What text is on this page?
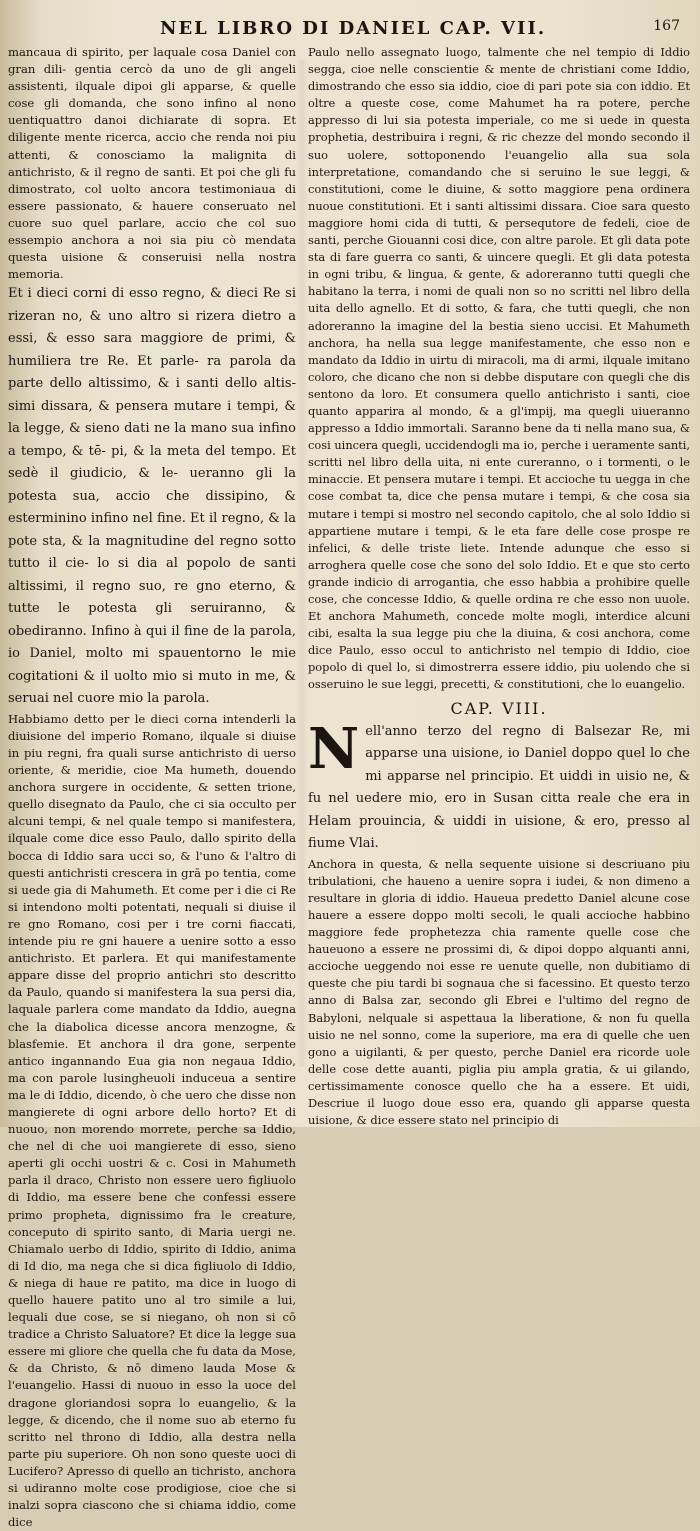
NEL LIBRO DI DANIEL CAP. VII.	167

mancaua di spirito, per laquale cosa Daniel con gran dili- gentia cercò da uno de gli angeli assistenti, ilquale dipoi gli apparse, & quelle cose gli domanda, che sono infino al nono uentiquattro danoi dichiarate di sopra. Et diligente mente ricerca, accio che renda noi piu attenti, & conosciamo la malignita di antichristo, & il regno de santi. Et poi che gli fu dimostrato, col uolto ancora testimoniaua di essere passionato, & hauere conseruato nel cuore suo quel parlare, accio che col suo essempio anchora a noi sia piu cò mendata questa uisione & conseruisi nella nostra memoria.

Et i dieci corni di esso regno, & dieci Re si rizeran no, & uno altro si rizera dietro a essi, & esso sara maggiore de primi, & humiliera tre Re. Et parle- ra parola da parte dello altissimo, & i santi dello altis- simi dissara, & pensera mutare i tempi, & la legge, & sieno dati ne la mano sua infino a tempo, & tē- pi, & la meta del tempo. Et sedè il giudicio, & le- ueranno gli la potesta sua, accio che dissipino, & esterminino infino nel fine. Et il regno, & la pote sta, & la magnitudine del regno sotto tutto il cie- lo si dia al popolo de santi altissimi, il regno suo, re gno eterno, & tutte le potesta gli seruiranno, & obediranno. Infino à qui il fine de la parola, io Daniel, molto mi spauentorno le mie cogitationi & il uolto mio si muto in me, & seruai nel cuore mio la parola.

Habbiamo detto per le dieci corna intenderli la diuisione del imperio Romano, ilquale si diuise in piu regni, fra quali surse antichristo di uerso oriente, & meridie, cioe Ma humeth, douendo anchora surgere in occidente, & setten trione, quello disegnato da Paulo, che ci sia occulto per alcuni tempi, & nel quale tempo si manifestera, ilquale come dice esso Paulo, dallo spirito della bocca di Iddio sara ucci so, & l'uno & l'altro di questi antichristi crescera in grā po tentia, come si uede gia di Mahumeth. Et come per i die ci Re si intendono molti potentati, nequali si diuise il re gno Romano, cosi per i tre corni fiaccati, intende piu re gni hauere a uenire sotto a esso antichristo. Et parlera. Et qui manifestamente appare disse del proprio antichri sto descritto da Paulo, quando si manifestera la sua persi dia, laquale parlera come mandato da Iddio, auegna che la diabolica dicesse ancora menzogne, & blasfemie. Et anchora il dra gone, serpente antico ingannando Eua gia non negaua Iddio, ma con parole lusingheuoli induceua a sentire ma le di Iddio, dicendo, ò che uero che disse non mangierete di ogni arbore dello horto? Et di nuouo, non morendo morrete, perche sa Iddio, che nel di che uoi mangierete di esso, sieno aperti gli occhi uostri & c. Cosi in Mahumeth parla il draco, Christo non essere uero figliuolo di Iddio, ma essere bene che confessi essere primo propheta, dignissimo fra le creature, conceputo di spirito santo, di Maria uergi ne. Chiamalo uerbo di Iddio, spirito di Iddio, anima di Id dio, ma nega che si dica figliuolo di Iddio, & niega di haue re patito, ma dice in luogo di quello hauere patito uno al tro simile a lui, lequali due cose, se si niegano, oh non si cō tradice a Christo Saluatore? Et dice la legge sua essere mi gliore che quella che fu data da Mose, & da Christo, & nō dimeno lauda Mose & l'euangelio. Hassi di nuouo in esso la uoce del dragone gloriandosi sopra lo euangelio, & la legge, & dicendo, che il nome suo ab eterno fu scritto nel throno di Iddio, alla destra nella parte piu superiore. Oh non sono queste uoci di Lucifero? Apresso di quello an tichristo, anchora si udiranno molte cose prodigiose, cioe che si inalzi sopra ciascono che si chiama iddio, come dice

Paulo nello assegnato luogo, talmente che nel tempio di Iddio segga, cioe nelle conscientie & mente de christiani come Iddio, dimostrando che esso sia iddio, cioe di pari pote sia con iddio. Et oltre a queste cose, come Mahumet ha ra potere, perche appresso di lui sia potesta imperiale, co me si uede in questa prophetia, destribuira i regni, & ric chezze del mondo secondo il suo uolere, sottoponendo l'euangelio alla sua sola interpretatione, comandando che si seruino le sue leggi, & constitutioni, come le diuine, & sotto maggiore pena ordinera nuoue constitutioni. Et i santi altissimi dissara. Cioe sara questo maggiore homi cida di tutti, & persequtore de fedeli, cioe de santi, perche Giouanni cosi dice, con altre parole. Et gli data pote sta di fare guerra co santi, & uincere quegli. Et gli data potesta in ogni tribu, & lingua, & gente, & adoreranno tutti quegli che habitano la terra, i nomi de quali non so no scritti nel libro della uita dello agnello. Et di sotto, & fara, che tutti quegli, che non adoreranno la imagine del la bestia sieno uccisi. Et Mahumeth anchora, ha nella sua legge manifestamente, che esso non e mandato da Iddio in uirtu di miracoli, ma di armi, ilquale imitano coloro, che dicano che non si debbe disputare con quegli che dis sentono da loro. Et consumera quello antichristo i santi, cioe quanto apparira al mondo, & a gl'impij, ma quegli uiueranno appresso a Iddio immortali. Saranno bene da ti nella mano sua, & cosi uincera quegli, uccidendogli ma io, perche i ueramente santi, scritti nel libro della uita, ni ente cureranno, o i tormenti, o le minaccie. Et pensera mutare i tempi. Et accioche tu uegga in che cose combat ta, dice che pensa mutare i tempi, & che cosa sia mutare i tempi si mostro nel secondo capitolo, che al solo Iddio si appartiene mutare i tempi, & le eta fare delle cose prospe re infelici, & delle triste liete. Intende adunque che esso si arroghera quelle cose che sono del solo Iddio. Et e que sto certo grande indicio di arrogantia, che esso habbia a prohibire quelle cose, che concesse Iddio, & quelle ordina re che esso non uuole. Et anchora Mahumeth, concede molte mogli, interdice alcuni cibi, esalta la sua legge piu che la diuina, & cosi anchora, come dice Paulo, esso occul to antichristo nel tempio di Iddio, cioe popolo di quel lo, si dimostrerra essere iddio, piu uolendo che si osseruino le sue leggi, precetti, & constitutioni, che lo euangelio.

CAP. VIII.
N ell'anno terzo del regno di Balsezar Re, mi apparse una uisione, io Daniel doppo quel lo che mi apparse nel principio. Et uiddi in uisio ne, & fu nel uedere mio, ero in Susan citta reale che era in Helam prouincia, & uiddi in uisione, & ero, presso al fiume Vlai.

Anchora in questa, & nella sequente uisione si descriuano piu tribulationi, che haueno a uenire sopra i iudei, & non dimeno a resultare in gloria di iddio. Haueua predetto Daniel alcune cose hauere a essere doppo molti secoli, le quali accioche habbino maggiore fede prophetezza chia ramente quelle cose che haueuono a essere ne prossimi di, & dipoi doppo alquanti anni, accioche ueggendo noi esse re uenute quelle, non dubitiamo di queste che piu tardi bi sognaua che si facessino. Et questo terzo anno di Balsa zar, secondo gli Ebrei e l'ultimo del regno de Babyloni, nelquale si aspettaua la liberatione, & non fu quella uisio ne nel sonno, come la superiore, ma era di quelle che uen gono a uigilanti, & per questo, perche Daniel era ricorde uole delle cose dette auanti, piglia piu ampla gratia, & ui gilando, certissimamente conosce quello che ha a essere. Et uidi, Descriue il luogo doue esso era, quando gli apparse questa uisione, & dice essere stato nel principio di
